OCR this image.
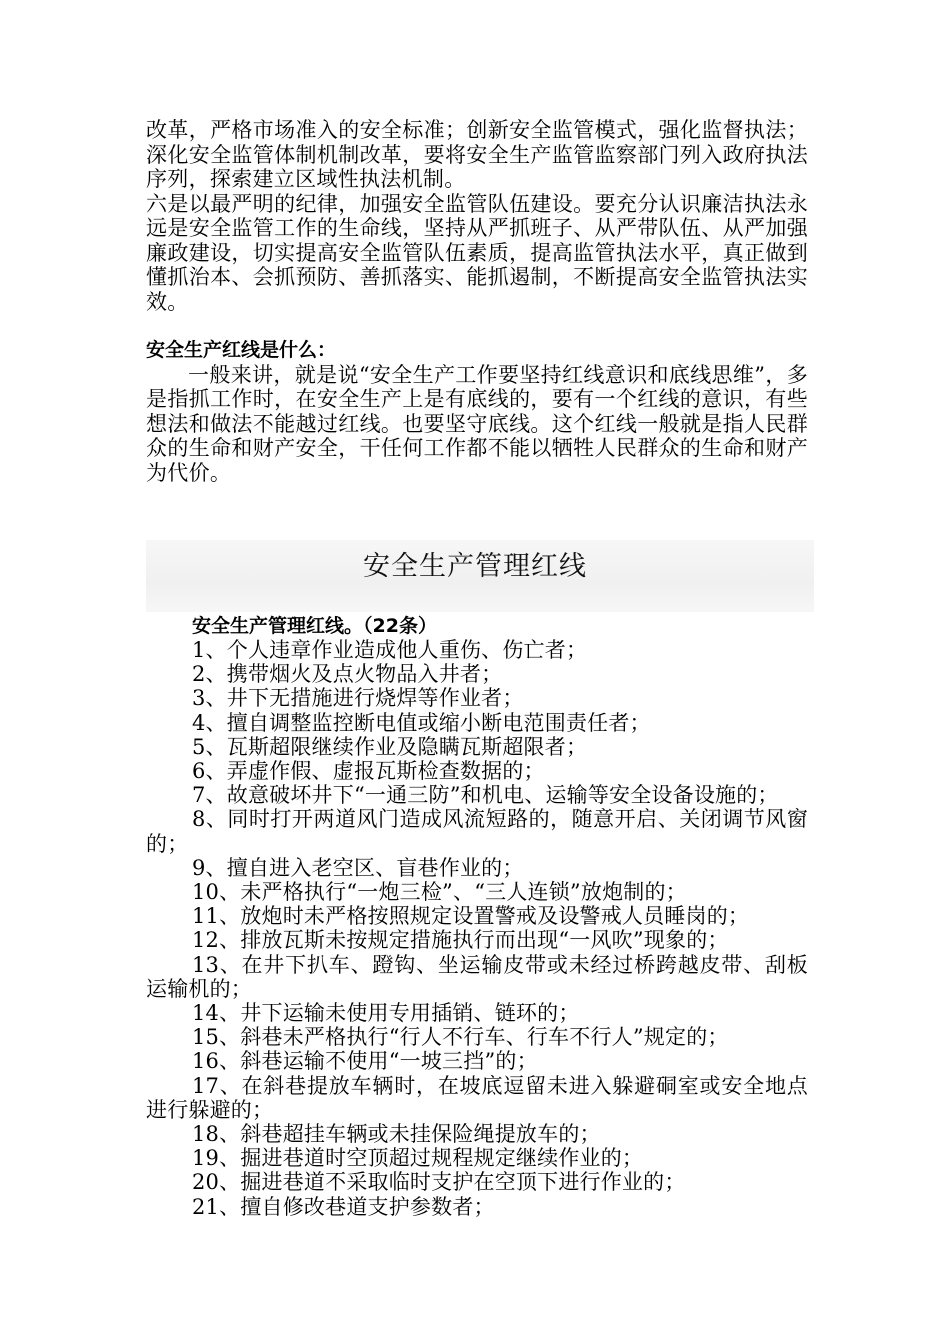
改革，严格市场准入的安全标准；创新安全监管模式，强化监督执法；深化安全监管体制机制改革，要将安全生产监管监察部门列入政府执法序列，探索建立区域性执法机制。

六是以最严明的纪律，加强安全监管队伍建设。要充分认识廉洁执法永远是安全监管工作的生命线，坚持从严抓班子、从严带队伍、从严加强廉政建设，切实提高安全监管队伍素质，提高监管执法水平，真正做到懂抓治本、会抓预防、善抓落实、能抓遏制，不断提高安全监管执法实效。

安全生产红线是什么：

一般来讲，就是说“安全生产工作要坚持红线意识和底线思维”，多是指抓工作时，在安全生产上是有底线的，要有一个红线的意识，有些想法和做法不能越过红线。也要坚守底线。这个红线一般就是指人民群众的生命和财产安全，干任何工作都不能以牺牲人民群众的生命和财产为代价。

安全生产管理红线

安全生产管理红线。（22条）

1、个人违章作业造成他人重伤、伤亡者；

2、携带烟火及点火物品入井者；

3、井下无措施进行烧焊等作业者；

4、擅自调整监控断电值或缩小断电范围责任者；

5、瓦斯超限继续作业及隐瞒瓦斯超限者；

6、弄虚作假、虚报瓦斯检查数据的；

7、故意破坏井下“一通三防”和机电、运输等安全设备设施的；

8、同时打开两道风门造成风流短路的，随意开启、关闭调节风窗的；

9、擅自进入老空区、盲巷作业的；

10、未严格执行“一炮三检”、“三人连锁”放炮制的；

11、放炮时未严格按照规定设置警戒及设警戒人员睡岗的；

12、排放瓦斯未按规定措施执行而出现“一风吹”现象的；

13、在井下扒车、蹬钩、坐运输皮带或未经过桥跨越皮带、刮板运输机的；

14、井下运输未使用专用插销、链环的；

15、斜巷未严格执行“行人不行车、行车不行人”规定的；

16、斜巷运输不使用“一坡三挡”的；

17、在斜巷提放车辆时，在坡底逗留未进入躲避硐室或安全地点进行躲避的；

18、斜巷超挂车辆或未挂保险绳提放车的；

19、掘进巷道时空顶超过规程规定继续作业的；

20、掘进巷道不采取临时支护在空顶下进行作业的；

21、擅自修改巷道支护参数者；
